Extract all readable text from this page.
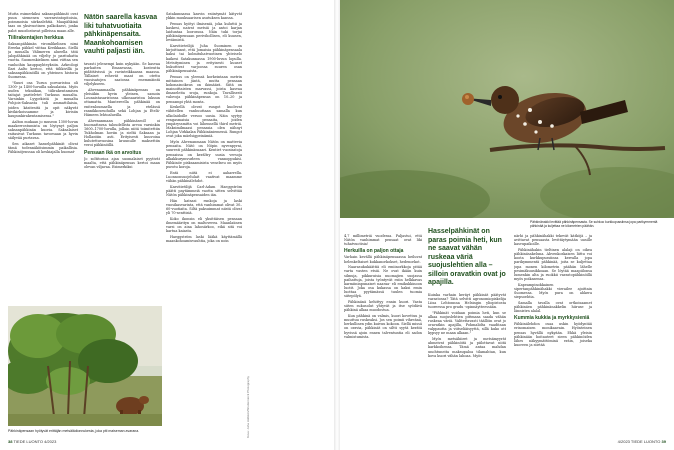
Mutta esimerkiksi saksanpähkinät ovat puun siemenen varrasvintopitoisia, poimmoisia siirkaslehtiä. Maapähkinä taas on yksivuotinen palkokasvi, jonka palot muodostuvat pilleissa maan alle.

Tiilirakentajien herkkua

Saksanpähkinän viromlikelinen nimi Ereeka pähkel viittaa Kreikkaan. Siellä ja muualla Välimeren alueella tätä jalopähkinää on viljelty jo parituhatta vuotta. Suomenkielinen nimi viittaa sen vanhoihin kauppayhteyksiin. Arkeologi Ilari Aalto kertoo, että tiilikivillä ja saksanpähkinöillä on yhteinen historia Suomessa.

"Suuri osa Turun porvaristoa oli 1300- ja 1400-luvuilla saksalaisia. Myös uuden tekniikan, tiilirakentamisen taitajat paritelvtet Turkuun muualta. Varsinkin Lyypekistä ja muualta Pohjois-Saksasta tuli ammattilaisia, joiden käsitesitä ja opit näkyvät kivikirkoissamme ja kivisiin kaupunkirakentamisessa."

Aalton mukaan jo museon 1300-luvun maakerrostumista on löytynyt paljon saksanpähkinän kuoria. Saksalaiset raitasivat Turkuun tavoesaan ja hyvin säilyvää purtavaa.

Sen aikaset hasselpähkinät olivat tämä todennäköisimmin paikallisia. Pähkinöjenssaa oli keskiajalla huomat-

Nätön saarella kasvaa liki tuhatvuotiaita pähkinäpensaita. Maankohoamisen vauhti paljasti iän.

tavasti jelenempi kuin nykyään. Se kasvaa parhaiten Emanvassa, kosteutta pidättävissä ja ravinteikkaassa maassa. Tällaiset rehevät maat on otettu vuosisatojen saatossa enemmäintä viljelykseen.

Ahvenanmaalla pähkinäpensas on yleisäkin hyvin yleinen, samoin Lounaistasaristossa ulkosaaristoa lukuun ottamatta. Mantereella pähkinää on enitenloumaella ja etelässä rannikkoseuduilla sekä Lohjan ja Etelä-Hämeen lehtoalueilla.

Ahvenanmaan pähkinäseoll oi huomattavaa taloudellista arvoa varsinkin 1600–1700-luvulla, jolloin niitä toimitettiin Tukholman hoviin ja sieltä Saksaan ja Hollantiin asti. Erityisesti kuuvoina kulutettuvuosina kruunulle maksettiin veroi pähkinöillä.

Pensaan ikä on arvoitus

Jo zoltitorioa ajan suomalaiset pyytivät maalta, että pähkinäpensas kertoi maan olevan viljavaa. Esimerkiksi

Satakunnassa kasvin esiintymät kätyvät ykkin muuksaarisen asutuksen kanssa.

Pensas hyötyi ilmiseniä, joka kuluttii ja kaskesi, naivat metsiä ja antoi karjan laiduntaa loorossoa. Näin tuki torjui pähkinäpensaan perivihollisen, eli kuusen, leviämistä.

Kasvitieteilijä Juha Suominen on kirjoittanut, että Jomaisia pähkinäpensaala kaksi tai kolmituhatvuotinen yhteiselo kaikesi Satakunnassa 1900-luvun lopulla. Metsityminen ja erityisesti kuuset hukuttivat varjoossa suuren osan pähkinäpensaista.

Pensas on yleensä korkeintaan metrin mittainen jäntä, mutta pensaan kokonaisoikeus on ikimäärä. Siitä on mainoittaisten marvassi, joista kasvaa ilmaseleita sroja, runkoja. Tavallisesti valovoja pähkinäpensas on 10–20 ja pensampi yhtä monta.

Keskellä olevat rungot kuolevat vähitellen vanhuuttaan samalla kun ulkolaidoille versoo uusia. Näin syytyy rengasmaisia pensaita, joiden ympäryssmitta voi lähennellä third metriä. Maksimilmaasi pensasia olen nähnyt Lohjan Virkkalan Pähkinäniemessä. Rungot ovat joka mäelsigpeinämiä.

Myös Ahvenanmaan Nätön on mattevia pensaita. Nätö on Nöpin nyvenpyrni, suuresti pähkinänsaari. Kentiet vuosisatoja pensaissa on kerältry uusia versoja alkakkurymvurleen vannoppukisi. Pähkinöe pisksaamisista venelseu on myös purotu koroja.

Entä niitä ei aaharrella. Luonnonsuojelulait vaativat maamme vähän pähkinälehdot.

Kasvitietilijä Carl-Adam Haeggström päätti paytämmeiä vaotta sitten selvittää Nätön pähkinäpensaiden iän.

Hän katsasi runkoja ja laski vuosikasvarinta, että vanhimmat olivat 30–60-vuotiaita. Siltä paksuimmat niistä olivat yli 70-senttisiä.

Koko ikonsin eli yksittäisen pensaan ilmemäärityn on maltoverea. Maanlaiinen varsi on aina lahosärkoo, eikä sitä voi kartua kaiasta.

Haeggström laski lääkä käyttämällä maankohoamisvauhtia, joka on noin

Pähkinäpensaan hyötyvät erittäjän metsälädionnukesta, joka piti maiseman avarana.	Kuva: Juha Hällstén/Shutterstock Photography
38 TIEDE LUONTO 4/2023
Pähkinänakki levittää pähkinäpensasta. Se suhkoo kurkkupussiinsa jopa parikymmentä pähkinää ja kuljettaa ne kilometrien päähän.

4,7 millimetriä vuodessa. Paljastui, että Nätön vanhimmat pensaat ovat liki tuhatvuotisia!

Herkuilla on paljon ottaja

Varhain kevällä pähkinäpensaassa heiluvat helenkeltaiset kukkanorkokset, hedenorkot.

Naarasukukäättiä eli emiinorkkoja pitää varta vasten etsiä. Ne ovat ikään kuin silmuja, pikkuruisia nuomajien suojassa paihattuja, joista työntyvät esiin helkkavas karmiininpunaiset naaraa- eli emikukkinoon luotit. Joka osa kukassa on kaksi emin luottaa pyytämässä tuulen tuomia siitepölyä.

Pähkinänä kehittyy ennin kuori. Vasta siiten sukusolut yhtyvät ja itse syödävä pähkinä alkaa muodostua.

Kun pähkinä on valmis, kuori kovettuu ja muuttuu ruskeaksi. Jos sen poimii vihreänä, herkullinen ydin kuivuu kokoon. Siellä missä on oravia, pähkinät on siltti syytä kerätä hyvissä ajoin ennen talventuntia eli sadon valmistumista.

Hasselpähkinät on paras poimia heti, kun ne saavat vähän ruskeaa väriä suojuslehtien alla – silloin oravatkin ovat jo apajilla.

Kuinka varhain keräyt pähkinät päätyvät varastossa? Tätä selvitti agronomiopiskelija Liisa Lehtonnna Helsingin yliopistosta tuoreessa pro gradu -opinnäytteessään.

"Pähkinät voidaan poimia heti, kun se alkaa suojuslehtien pittmasa saada vähän ruskeaa väriä. Valitettavasti täällöin ovat jo oravatkin apajilla, Pohmalidta vaaditaan valppautta ja viitseliäisyyttä, sillä kuko ott kypsyy ne maan alkaan."

Myös metsähiiret ja metsämyyrät ahmeivat pähkinöitä ja piilottavat niitä karkkoihensa. Tämä antaa mahdan unohtuneita maksupaloa tilamahtan, kun kova kuori vähän lahoaa. Myös

närhi ja pähkinähakki tekevät kätköjä – ja avittavat pensaasta levittäytymään uusille kasvupaikoille.

Pähkinähakin tieltinen alalaji on oikea pähkinäsakeluna. Ahvenkoskaisen liittu voi koota kurkkupussiinsa kerralla jopa parikymmentä pähkinää, joita se kuljettaa jopa monen kilometrin päähän lähelle pesimäkuusikkoaan. Se löytää maapiilonsa lumenkin alta ja ruokkii varastopähkinöillä myös poikasensa.

Kapeampinokkainen sipertanpähkinähakki vierailee ajoittain Suomessa. Myös pura on ahkera siepsoehtia.

Samalla tavalla ovat ortkoisaamet pähkinäen pähkinänakkelin hiiruse ja lännistrn alalal.

Kummia kukkia ja myrkkysieniä

Pähkinälehdon osaa uskin hyödyntää erinomaisen monikaavain. Hyönteinen pensas hyvällä nykyään. Ehkä yleisin pähkinään hoitauteet sieen pähkinöiden lähes näkyymättöminä eräin, joiseka kuoreen ja siirtää

4/2023 TIEDE LUONTO 39
